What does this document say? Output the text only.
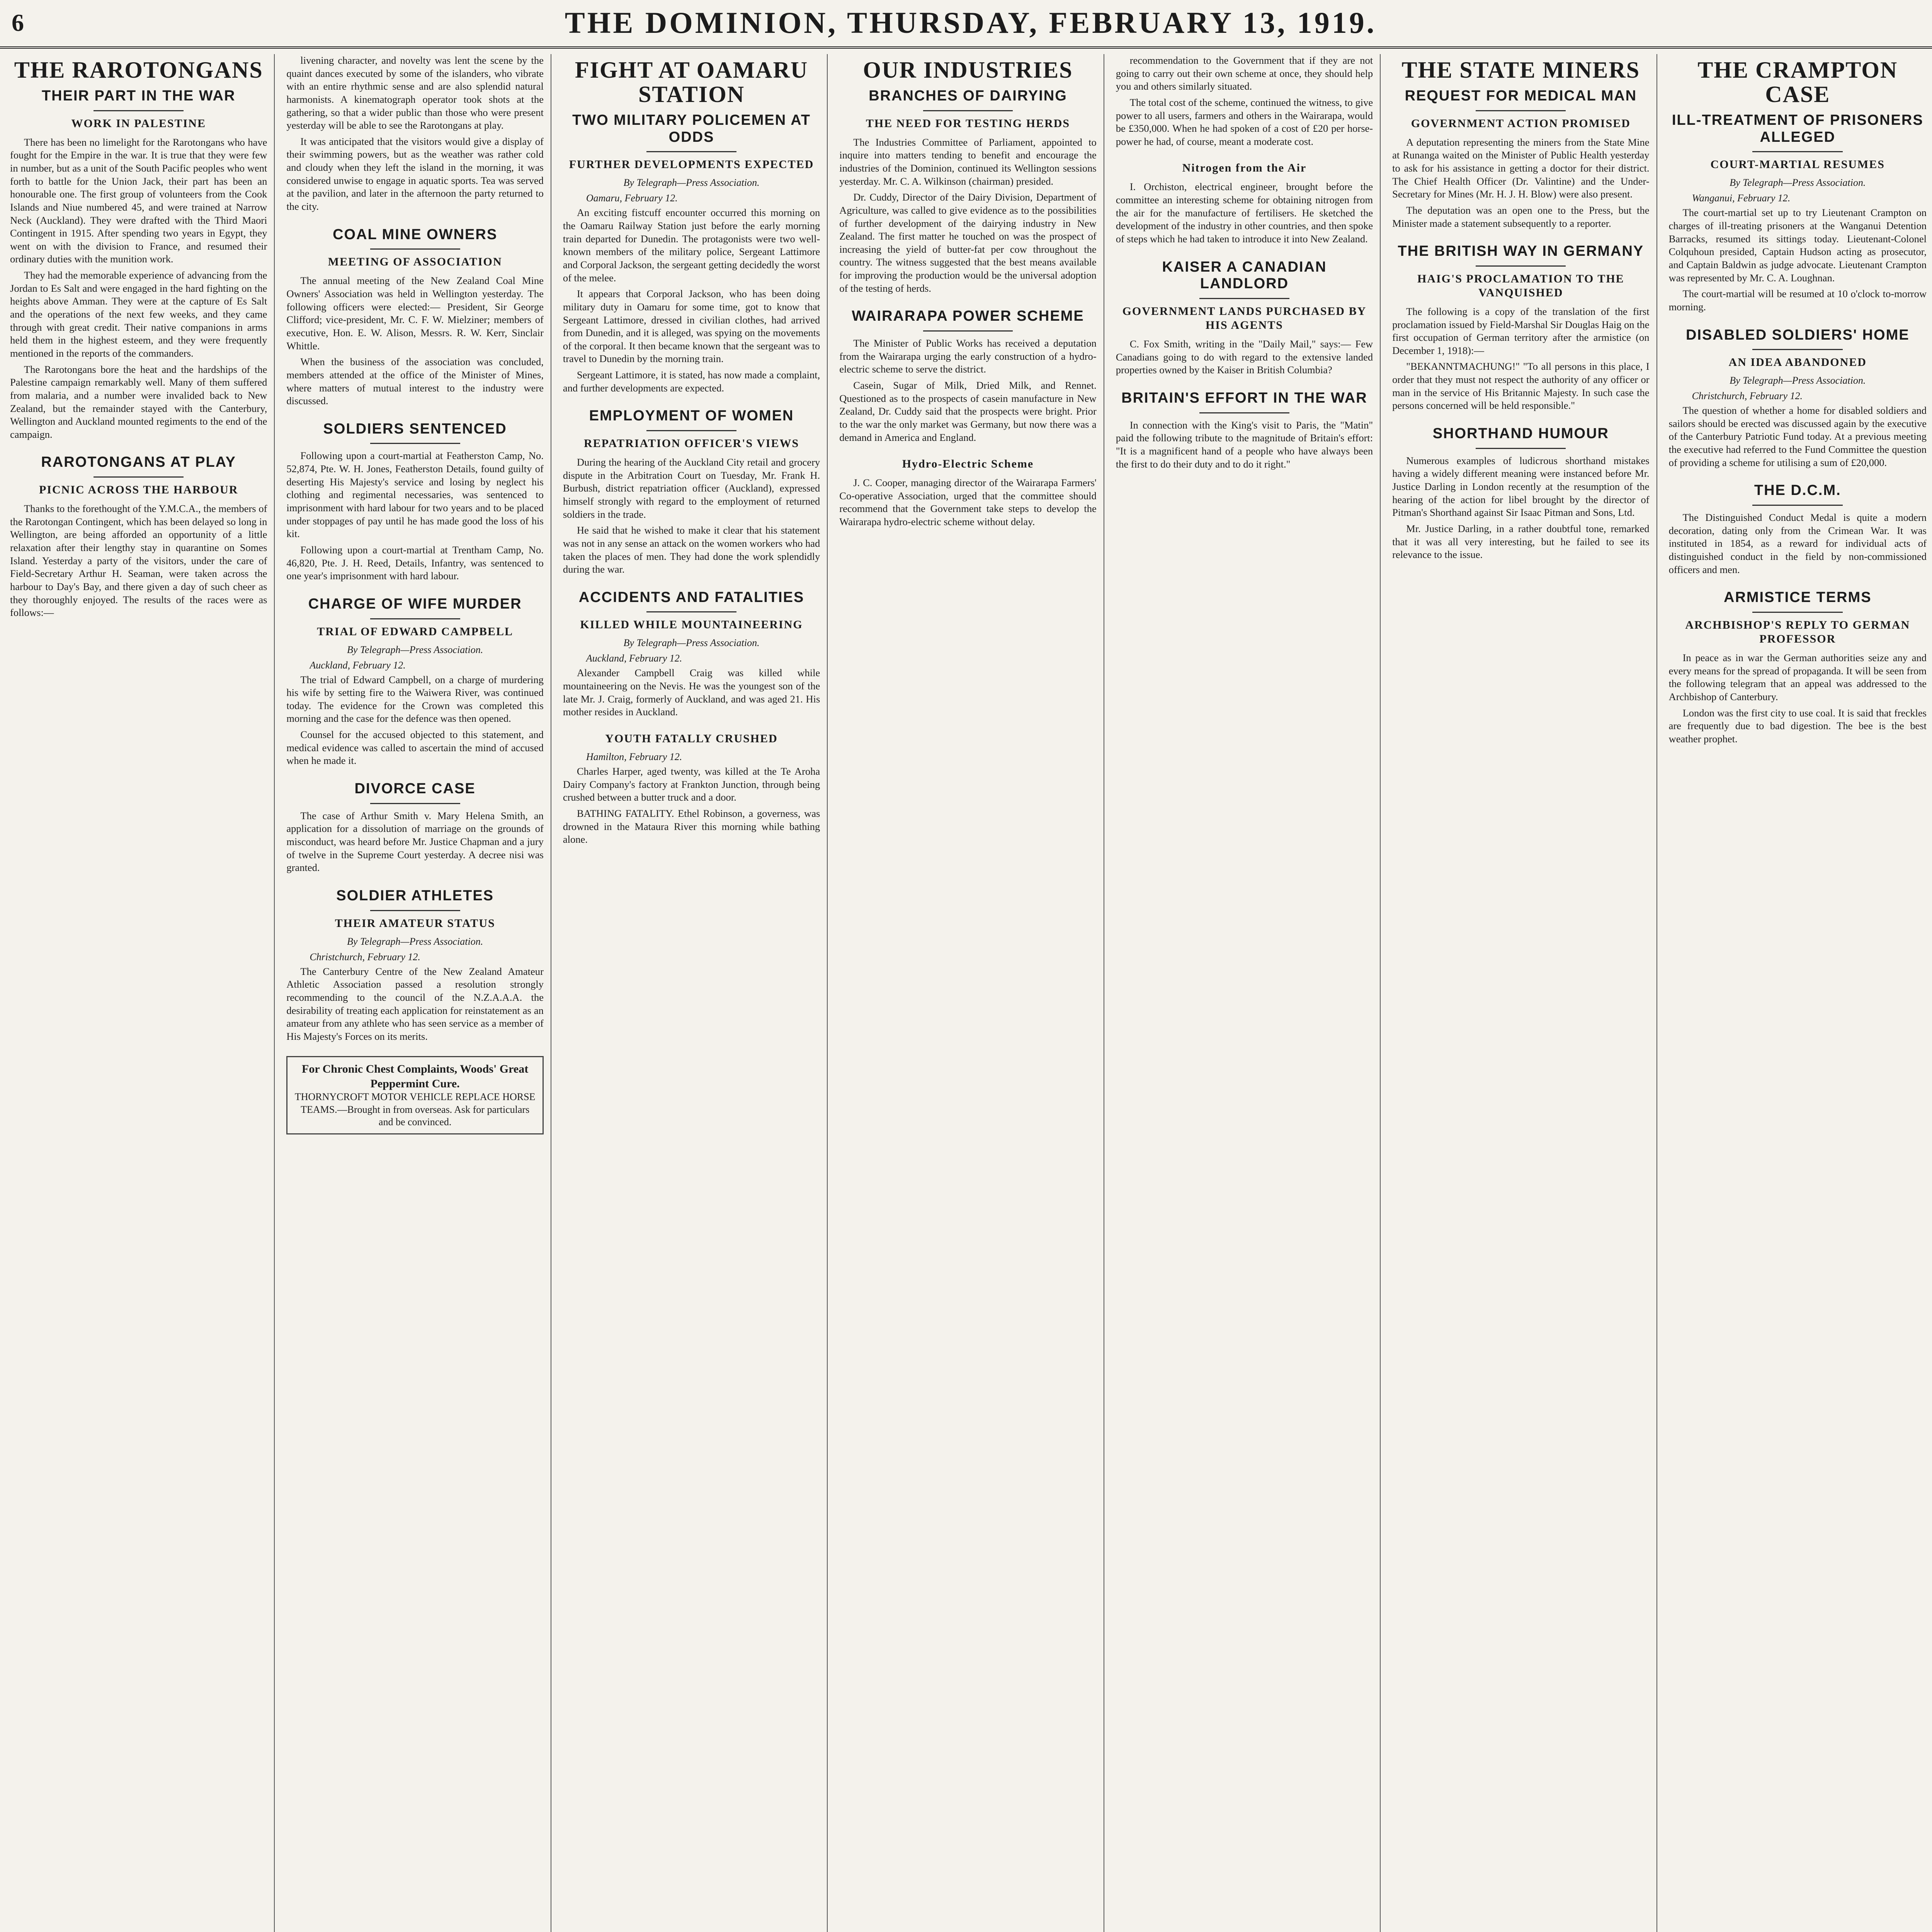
6	THE DOMINION, THURSDAY, FEBRUARY 13, 1919.
THE RAROTONGANS
THEIR PART IN THE WAR
WORK IN PALESTINE

There has been no limelight for the Rarotongans who have fought for the Empire in the war. It is true that they were few in number, but as a unit of the South Pacific peoples who went forth to battle for the Union Jack, their part has been an honourable one. The first group of volunteers from the Cook Islands and Niue numbered 45, and were trained at Narrow Neck (Auckland). They were drafted with the Third Maori Contingent in 1915. After spending two years in Egypt, they went on with the division to France, and resumed their ordinary duties with the munition work.

They had the memorable experience of advancing from the Jordan to Es Salt and were engaged in the hard fighting on the heights above Amman. They were at the capture of Es Salt and the operations of the next few weeks, and they came through with great credit. Their native companions in arms held them in the highest esteem, and they were frequently mentioned in the reports of the commanders.

The Rarotongans bore the heat and the hardships of the Palestine campaign remarkably well. Many of them suffered from malaria, and a number were invalided back to New Zealand, but the remainder stayed with the Canterbury, Wellington and Auckland mounted regiments to the end of the campaign.

RAROTONGANS AT PLAY
PICNIC ACROSS THE HARBOUR

Thanks to the forethought of the Y.M.C.A., the members of the Rarotongan Contingent, which has been delayed so long in Wellington, are being afforded an opportunity of a little relaxation after their lengthy stay in quarantine on Somes Island. Yesterday a party of the visitors, under the care of Field-Secretary Arthur H. Seaman, were taken across the harbour to Day's Bay, and there given a day of such cheer as they thoroughly enjoyed. The results of the races were as follows:—

livening character, and novelty was lent the scene by the quaint dances executed by some of the islanders, who vibrate with an entire rhythmic sense and are also splendid natural harmonists. A kinematograph operator took shots at the gathering, so that a wider public than those who were present yesterday will be able to see the Rarotongans at play.

It was anticipated that the visitors would give a display of their swimming powers, but as the weather was rather cold and cloudy when they left the island in the morning, it was considered unwise to engage in aquatic sports. Tea was served at the pavilion, and later in the afternoon the party returned to the city.

COAL MINE OWNERS
MEETING OF ASSOCIATION

The annual meeting of the New Zealand Coal Mine Owners' Association was held in Wellington yesterday. The following officers were elected:— President, Sir George Clifford; vice-president, Mr. C. F. W. Mielziner; members of executive, Hon. E. W. Alison, Messrs. R. W. Kerr, Sinclair Whittle.

When the business of the association was concluded, members attended at the office of the Minister of Mines, where matters of mutual interest to the industry were discussed.

SOLDIERS SENTENCED

Following upon a court-martial at Featherston Camp, No. 52,874, Pte. W. H. Jones, Featherston Details, found guilty of deserting His Majesty's service and losing by neglect his clothing and regimental necessaries, was sentenced to imprisonment with hard labour for two years and to be placed under stoppages of pay until he has made good the loss of his kit.

Following upon a court-martial at Trentham Camp, No. 46,820, Pte. J. H. Reed, Details, Infantry, was sentenced to one year's imprisonment with hard labour.

CHARGE OF WIFE MURDER
TRIAL OF EDWARD CAMPBELL
By Telegraph—Press Association.
Auckland, February 12.

The trial of Edward Campbell, on a charge of murdering his wife by setting fire to the Waiwera River, was continued today. The evidence for the Crown was completed this morning and the case for the defence was then opened.

Counsel for the accused objected to this statement, and medical evidence was called to ascertain the mind of accused when he made it.

DIVORCE CASE

The case of Arthur Smith v. Mary Helena Smith, an application for a dissolution of marriage on the grounds of misconduct, was heard before Mr. Justice Chapman and a jury of twelve in the Supreme Court yesterday. A decree nisi was granted.

SOLDIER ATHLETES
THEIR AMATEUR STATUS
By Telegraph—Press Association.
Christchurch, February 12.

The Canterbury Centre of the New Zealand Amateur Athletic Association passed a resolution strongly recommending to the council of the N.Z.A.A.A. the desirability of treating each application for reinstatement as an amateur from any athlete who has seen service as a member of His Majesty's Forces on its merits.

For Chronic Chest Complaints, Woods' Great Peppermint Cure.
THORNYCROFT MOTOR VEHICLE REPLACE HORSE TEAMS.—Brought in from overseas. Ask for particulars and be convinced.
FIGHT AT OAMARU STATION
TWO MILITARY POLICEMEN AT ODDS
FURTHER DEVELOPMENTS EXPECTED
By Telegraph—Press Association.
Oamaru, February 12.

An exciting fistcuff encounter occurred this morning on the Oamaru Railway Station just before the early morning train departed for Dunedin. The protagonists were two well-known members of the military police, Sergeant Lattimore and Corporal Jackson, the sergeant getting decidedly the worst of the melee.

It appears that Corporal Jackson, who has been doing military duty in Oamaru for some time, got to know that Sergeant Lattimore, dressed in civilian clothes, had arrived from Dunedin, and it is alleged, was spying on the movements of the corporal. It then became known that the sergeant was to travel to Dunedin by the morning train.

Sergeant Lattimore, it is stated, has now made a complaint, and further developments are expected.

EMPLOYMENT OF WOMEN
REPATRIATION OFFICER'S VIEWS

During the hearing of the Auckland City retail and grocery dispute in the Arbitration Court on Tuesday, Mr. Frank H. Burbush, district repatriation officer (Auckland), expressed himself strongly with regard to the employment of returned soldiers in the trade.

He said that he wished to make it clear that his statement was not in any sense an attack on the women workers who had taken the places of men. They had done the work splendidly during the war.

ACCIDENTS AND FATALITIES
KILLED WHILE MOUNTAINEERING
By Telegraph—Press Association.
Auckland, February 12.

Alexander Campbell Craig was killed while mountaineering on the Nevis. He was the youngest son of the late Mr. J. Craig, formerly of Auckland, and was aged 21. His mother resides in Auckland.

YOUTH FATALLY CRUSHED
Hamilton, February 12.

Charles Harper, aged twenty, was killed at the Te Aroha Dairy Company's factory at Frankton Junction, through being crushed between a butter truck and a door.

BATHING FATALITY. Ethel Robinson, a governess, was drowned in the Mataura River this morning while bathing alone.

OUR INDUSTRIES
BRANCHES OF DAIRYING
THE NEED FOR TESTING HERDS

The Industries Committee of Parliament, appointed to inquire into matters tending to benefit and encourage the industries of the Dominion, continued its Wellington sessions yesterday. Mr. C. A. Wilkinson (chairman) presided.

Dr. Cuddy, Director of the Dairy Division, Department of Agriculture, was called to give evidence as to the possibilities of further development of the dairying industry in New Zealand. The first matter he touched on was the prospect of increasing the yield of butter-fat per cow throughout the country. The witness suggested that the best means available for improving the production would be the universal adoption of the testing of herds.

WAIRARAPA POWER SCHEME

The Minister of Public Works has received a deputation from the Wairarapa urging the early construction of a hydro-electric scheme to serve the district.

Casein, Sugar of Milk, Dried Milk, and Rennet. Questioned as to the prospects of casein manufacture in New Zealand, Dr. Cuddy said that the prospects were bright. Prior to the war the only market was Germany, but now there was a demand in America and England.

Hydro-Electric Scheme

J. C. Cooper, managing director of the Wairarapa Farmers' Co-operative Association, urged that the committee should recommend that the Government take steps to develop the Wairarapa hydro-electric scheme without delay.

recommendation to the Government that if they are not going to carry out their own scheme at once, they should help you and others similarly situated.

The total cost of the scheme, continued the witness, to give power to all users, farmers and others in the Wairarapa, would be £350,000. When he had spoken of a cost of £20 per horse-power he had, of course, meant a moderate cost.

Nitrogen from the Air

I. Orchiston, electrical engineer, brought before the committee an interesting scheme for obtaining nitrogen from the air for the manufacture of fertilisers. He sketched the development of the industry in other countries, and then spoke of steps which he had taken to introduce it into New Zealand.

KAISER A CANADIAN LANDLORD
GOVERNMENT LANDS PURCHASED BY HIS AGENTS

C. Fox Smith, writing in the "Daily Mail," says:— Few Canadians going to do with regard to the extensive landed properties owned by the Kaiser in British Columbia?

BRITAIN'S EFFORT IN THE WAR

In connection with the King's visit to Paris, the "Matin" paid the following tribute to the magnitude of Britain's effort: "It is a magnificent hand of a people who have always been the first to do their duty and to do it right."

THE STATE MINERS
REQUEST FOR MEDICAL MAN
GOVERNMENT ACTION PROMISED

A deputation representing the miners from the State Mine at Runanga waited on the Minister of Public Health yesterday to ask for his assistance in getting a doctor for their district. The Chief Health Officer (Dr. Valintine) and the Under-Secretary for Mines (Mr. H. J. H. Blow) were also present.

The deputation was an open one to the Press, but the Minister made a statement subsequently to a reporter.

THE BRITISH WAY IN GERMANY
HAIG'S PROCLAMATION TO THE VANQUISHED

The following is a copy of the translation of the first proclamation issued by Field-Marshal Sir Douglas Haig on the first occupation of German territory after the armistice (on December 1, 1918):—

"BEKANNTMACHUNG!" "To all persons in this place, I order that they must not respect the authority of any officer or man in the service of His Britannic Majesty. In such case the persons concerned will be held responsible."

SHORTHAND HUMOUR

Numerous examples of ludicrous shorthand mistakes having a widely different meaning were instanced before Mr. Justice Darling in London recently at the resumption of the hearing of the action for libel brought by the director of Pitman's Shorthand against Sir Isaac Pitman and Sons, Ltd.

Mr. Justice Darling, in a rather doubtful tone, remarked that it was all very interesting, but he failed to see its relevance to the issue.

THE CRAMPTON CASE
ILL-TREATMENT OF PRISONERS ALLEGED
COURT-MARTIAL RESUMES
By Telegraph—Press Association.
Wanganui, February 12.

The court-martial set up to try Lieutenant Crampton on charges of ill-treating prisoners at the Wanganui Detention Barracks, resumed its sittings today. Lieutenant-Colonel Colquhoun presided, Captain Hudson acting as prosecutor, and Captain Baldwin as judge advocate. Lieutenant Crampton was represented by Mr. C. A. Loughnan.

The court-martial will be resumed at 10 o'clock to-morrow morning.

DISABLED SOLDIERS' HOME
AN IDEA ABANDONED
By Telegraph—Press Association.
Christchurch, February 12.

The question of whether a home for disabled soldiers and sailors should be erected was discussed again by the executive of the Canterbury Patriotic Fund today. At a previous meeting the executive had referred to the Fund Committee the question of providing a scheme for utilising a sum of £20,000.

THE D.C.M.

The Distinguished Conduct Medal is quite a modern decoration, dating only from the Crimean War. It was instituted in 1854, as a reward for individual acts of distinguished conduct in the field by non-commissioned officers and men.

ARMISTICE TERMS
ARCHBISHOP'S REPLY TO GERMAN PROFESSOR

In peace as in war the German authorities seize any and every means for the spread of propaganda. It will be seen from the following telegram that an appeal was addressed to the Archbishop of Canterbury.

London was the first city to use coal. It is said that freckles are frequently due to bad digestion. The bee is the best weather prophet.
